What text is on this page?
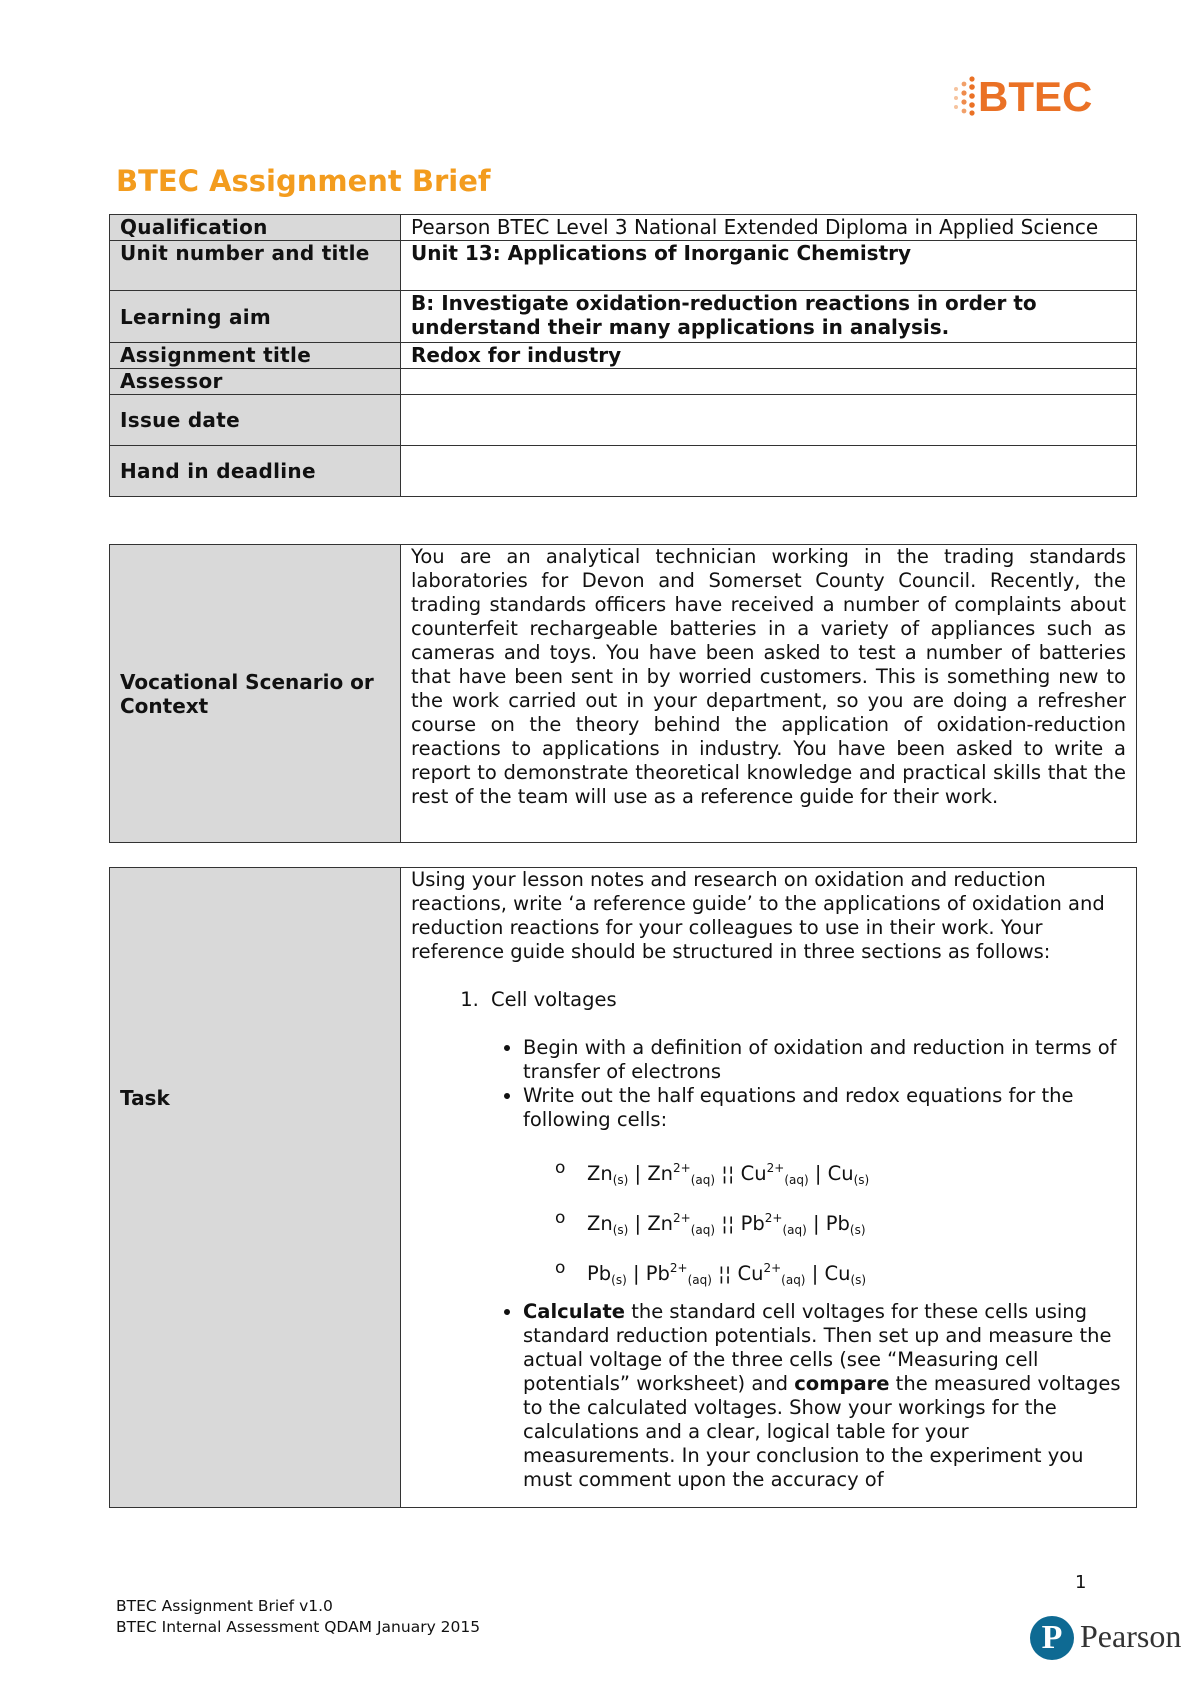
BTEC
BTEC Assignment Brief
Qualification	Pearson BTEC Level 3 National Extended Diploma in Applied Science
Unit number and title	Unit 13: Applications of Inorganic Chemistry
Learning aim	B: Investigate oxidation-reduction reactions in order to understand their many applications in analysis.
Assignment title	Redox for industry
Assessor	
Issue date	
Hand in deadline	
Vocational Scenario or Context	You are an analytical technician working in the trading standards laboratories for Devon and Somerset County Council. Recently, the trading standards officers have received a number of complaints about counterfeit rechargeable batteries in a variety of appliances such as cameras and toys. You have been asked to test a number of batteries that have been sent in by worried customers. This is something new to the work carried out in your department, so you are doing a refresher course on the theory behind the application of oxidation-reduction reactions to applications in industry. You have been asked to write a report to demonstrate theoretical knowledge and practical skills that the rest of the team will use as a reference guide for their work.
Task	

Using your lesson notes and research on oxidation and reduction reactions, write ‘a reference guide’ to the applications of oxidation and reduction reactions for your colleagues to use in their work. Your reference guide should be structured in three sections as follows:

1. Cell voltages
• Begin with a definition of oxidation and reduction in terms of transfer of electrons
• Write out the half equations and redox equations for the following cells:
o $Zn_{(s)}$ | $Zn^{2+}_{(aq)}$ ¦¦ $Cu^{2+}_{(aq)}$ | $Cu_{(s)}$
o $Zn_{(s)}$ | $Zn^{2+}_{(aq)}$ ¦¦ $Pb^{2+}_{(aq)}$ | $Pb_{(s)}$
o $Pb_{(s)}$ | $Pb^{2+}_{(aq)}$ ¦¦ $Cu^{2+}_{(aq)}$ | $Cu_{(s)}$
• Calculate the standard cell voltages for these cells using standard reduction potentials. Then set up and measure the actual voltage of the three cells (see “Measuring cell potentials” worksheet) and compare the measured voltages to the calculated voltages. Show your workings for the calculations and a clear, logical table for your measurements. In your conclusion to the experiment you must comment upon the accuracy of
1
BTEC Assignment Brief v1.0
BTEC Internal Assessment QDAM January 2015	P Pearson
